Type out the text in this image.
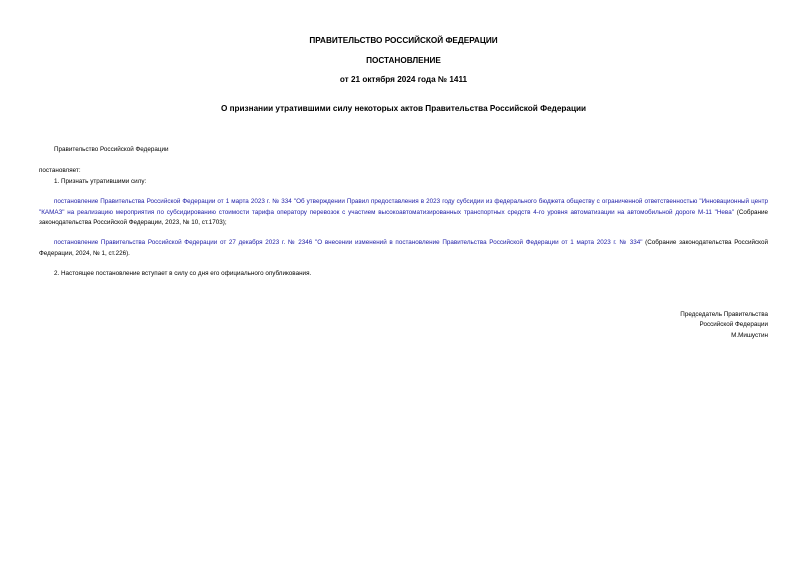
ПРАВИТЕЛЬСТВО РОССИЙСКОЙ ФЕДЕРАЦИИ
ПОСТАНОВЛЕНИЕ
от 21 октября 2024 года № 1411
О признании утратившими силу некоторых актов Правительства Российской Федерации
Правительство Российской Федерации
постановляет:
1. Признать утратившими силу:
постановление Правительства Российской Федерации от 1 марта 2023 г. № 334 "Об утверждении Правил предоставления в 2023 году субсидии из федерального бюджета обществу с ограниченной ответственностью "Инновационный центр "КАМАЗ" на реализацию мероприятия по субсидированию стоимости тарифа оператору перевозок с участием высокоавтоматизированных транспортных средств 4-го уровня автоматизации на автомобильной дороге М-11 "Нева" (Собрание законодательства Российской Федерации, 2023, № 10, ст.1703);
постановление Правительства Российской Федерации от 27 декабря 2023 г. № 2346 "О внесении изменений в постановление Правительства Российской Федерации от 1 марта 2023 г. № 334" (Собрание законодательства Российской Федерации, 2024, № 1, ст.226).
2. Настоящее постановление вступает в силу со дня его официального опубликования.
Председатель Правительства
Российской Федерации
М.Мишустин
